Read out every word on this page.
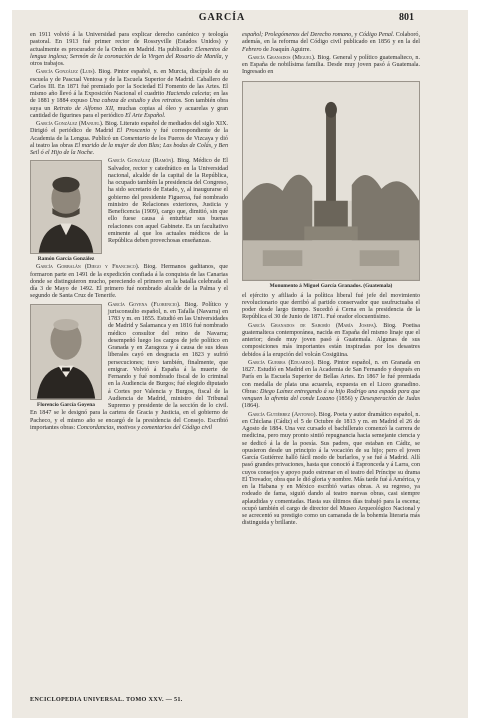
GARCÍA	801

en 1911 volvió á la Universidad para explicar derecho canónico y teología pastoral. En 1913 fué primer rector de Rossryville (Estados Unidos) y actualmente es procurador de la Orden en Madrid. Ha publicado: Elementos de lengua inglesa; Sermón de la coronación de la Virgen del Rosario de Manila, y otros trabajos.

García González (Luis). Biog. Pintor español, n. en Murcia, discípulo de su escuela y de Pascual Ventosa y de la Escuela Superior de Madrid. Caballero de Carlos III. En 1871 fué premiado por la Sociedad El Fomento de las Artes. El mismo año llevó á la Exposición Nacional el cuadrito Haciendo calceta; en las de 1881 y 1884 expuso Una cabeza de estudio y dos retratos. Son también obra suya un Retrato de Alfonso XII, muchas copias al óleo y acuarelas y gran cantidad de figurines para el periódico El Arte Español.

García González (Manuel). Biog. Literato español de mediados del siglo XIX. Dirigió el periódico de Madrid El Proscenio y fué correspondiente de la Academia de la Lengua. Publicó un Comentario de los Fueros de Vizcaya y dió al teatro las obras El marido de la mujer de don Blas; Las bodas de Colás, y Ben Seil ó el Hijo de la Noche.

Ramón García González
García González (Ramón). Biog. Médico de El Salvador, rector y catedrático en la Universidad nacional, alcalde de la capital de la República, ha ocupado también la presidencia del Congreso, ha sido secretario de Estado, y, al inaugurarse el gobierno del presidente Figueroa, fué nombrado ministro de Relaciones exteriores, Justicia y Beneficencia (1909), cargo que, dimitió, sin que ello fuese causa á enturbiar sus buenas relaciones con aquel Gabinete. Es un facultativo eminente al que los actuales médicos de la República deben provechosas enseñanzas.

García Gorbalán (Diego y Francisco). Biog. Hermanos gaditanos, que formaron parte en 1491 de la expedición confiada á la conquista de las Canarias donde se distinguieron mucho, pereciendo el primero en la batalla celebrada el día 3 de Mayo de 1492. El primero fué nombrado alcalde de la Palma y el segundo de Santa Cruz de Tenerife.

Florencio García Goyena
García Goyena (Florencio). Biog. Político y jurisconsulto español, n. en Tafalla (Navarra) en 1783 y m. en 1855. Estudió en las Universidades de Madrid y Salamanca y en 1816 fué nombrado médico consultor del reino de Navarra; desempeñó luego los cargos de jefe político en Granada y en Zaragoza y á causa de sus ideas liberales cayó en desgracia en 1823 y sufrió persecuciones; tuvo también, finalmente, que emigrar. Volvió á España á la muerte de Fernando y fué nombrado fiscal de lo criminal en la Audiencia de Burgos; fué elegido diputado á Cortes por Valencia y Burgos, fiscal de la Audiencia de Madrid, ministro del Tribunal Supremo y presidente de la sección de lo civil. En 1847 se le designó para la cartera de Gracia y Justicia, en el gobierno de Pacheco, y el mismo año se encargó de la presidencia del Consejo. Escribió importantes obras: Concordancias, motivos y comentarios del Código civil

español; Prolegómenos del Derecho romano, y Código Penal. Colaboró, además, en la reforma del Código civil publicado en 1856 y en la del Febrero de Joaquín Aguirre.

García Granados (Miguel). Biog. General y político guatemalteco, n. en España de nobilísima familia. Desde muy joven pasó á Guatemala. Ingresado en

Monumento á Miguel García Granados. (Guatemala)

el ejército y afiliado á la política liberal fué jefe del movimiento revolucionario que derribó al partido conservador que usufructuaba el poder desde largo tiempo. Sucedió á Cerna en la presidencia de la República el 30 de Junio de 1871. Fué orador elocuentísimo.

García Granados de Saborío (María Josefa). Biog. Poetisa guatemalteca contemporánea, nacida en España del mismo linaje que el anterior; desde muy joven pasó á Guatemala. Algunas de sus composiciones más importantes están inspiradas por los desastres debidos á la erupción del volcán Cosigüina.

García Guerra (Eduardo). Biog. Pintor español, n. en Granada en 1827. Estudió en Madrid en la Academia de San Fernando y después en París en la Escuela Superior de Bellas Artes. En 1867 le fué premiada con medalla de plata una acuarela, expuesta en el Liceo granadino. Obras: Diego Laínez entregando á su hijo Rodrigo una espada para que venguen la afrenta del conde Lozano (1856) y Desesperación de Judas (1864).

García Gutiérrez (Antonio). Biog. Poeta y autor dramático español, n. en Chiclana (Cádiz) el 5 de Octubre de 1813 y m. en Madrid el 26 de Agosto de 1884. Una vez cursado el bachillerato comenzó la carrera de medicina, pero muy pronto sintió repugnancia hacia semejante ciencia y se dedicó á la de la poesía. Sus padres, que estaban en Cádiz, se opusieron desde un principio á la vocación de su hijo; pero el joven García Gutiérrez halló fácil modo de burlarlos, y se fué á Madrid. Allí pasó grandes privaciones, hasta que conoció á Espronceda y á Larra, con cuyos consejos y apoyo pudo estrenar en el teatro del Príncipe su drama El Trovador, obra que le dió gloria y nombre. Más tarde fué á América, y en la Habana y en México escribió varias obras. A su regreso, ya rodeado de fama, siguió dando al teatro nuevas obras, casi siempre aplaudidas y comentadas. Hasta sus últimos días trabajó para la escena; ocupó también el cargo de director del Museo Arqueológico Nacional y se acrecentó su prestigio como un camarada de la bohemia literaria más distinguida y brillante.

ENCICLOPEDIA UNIVERSAL. TOMO XXV. — 51.
